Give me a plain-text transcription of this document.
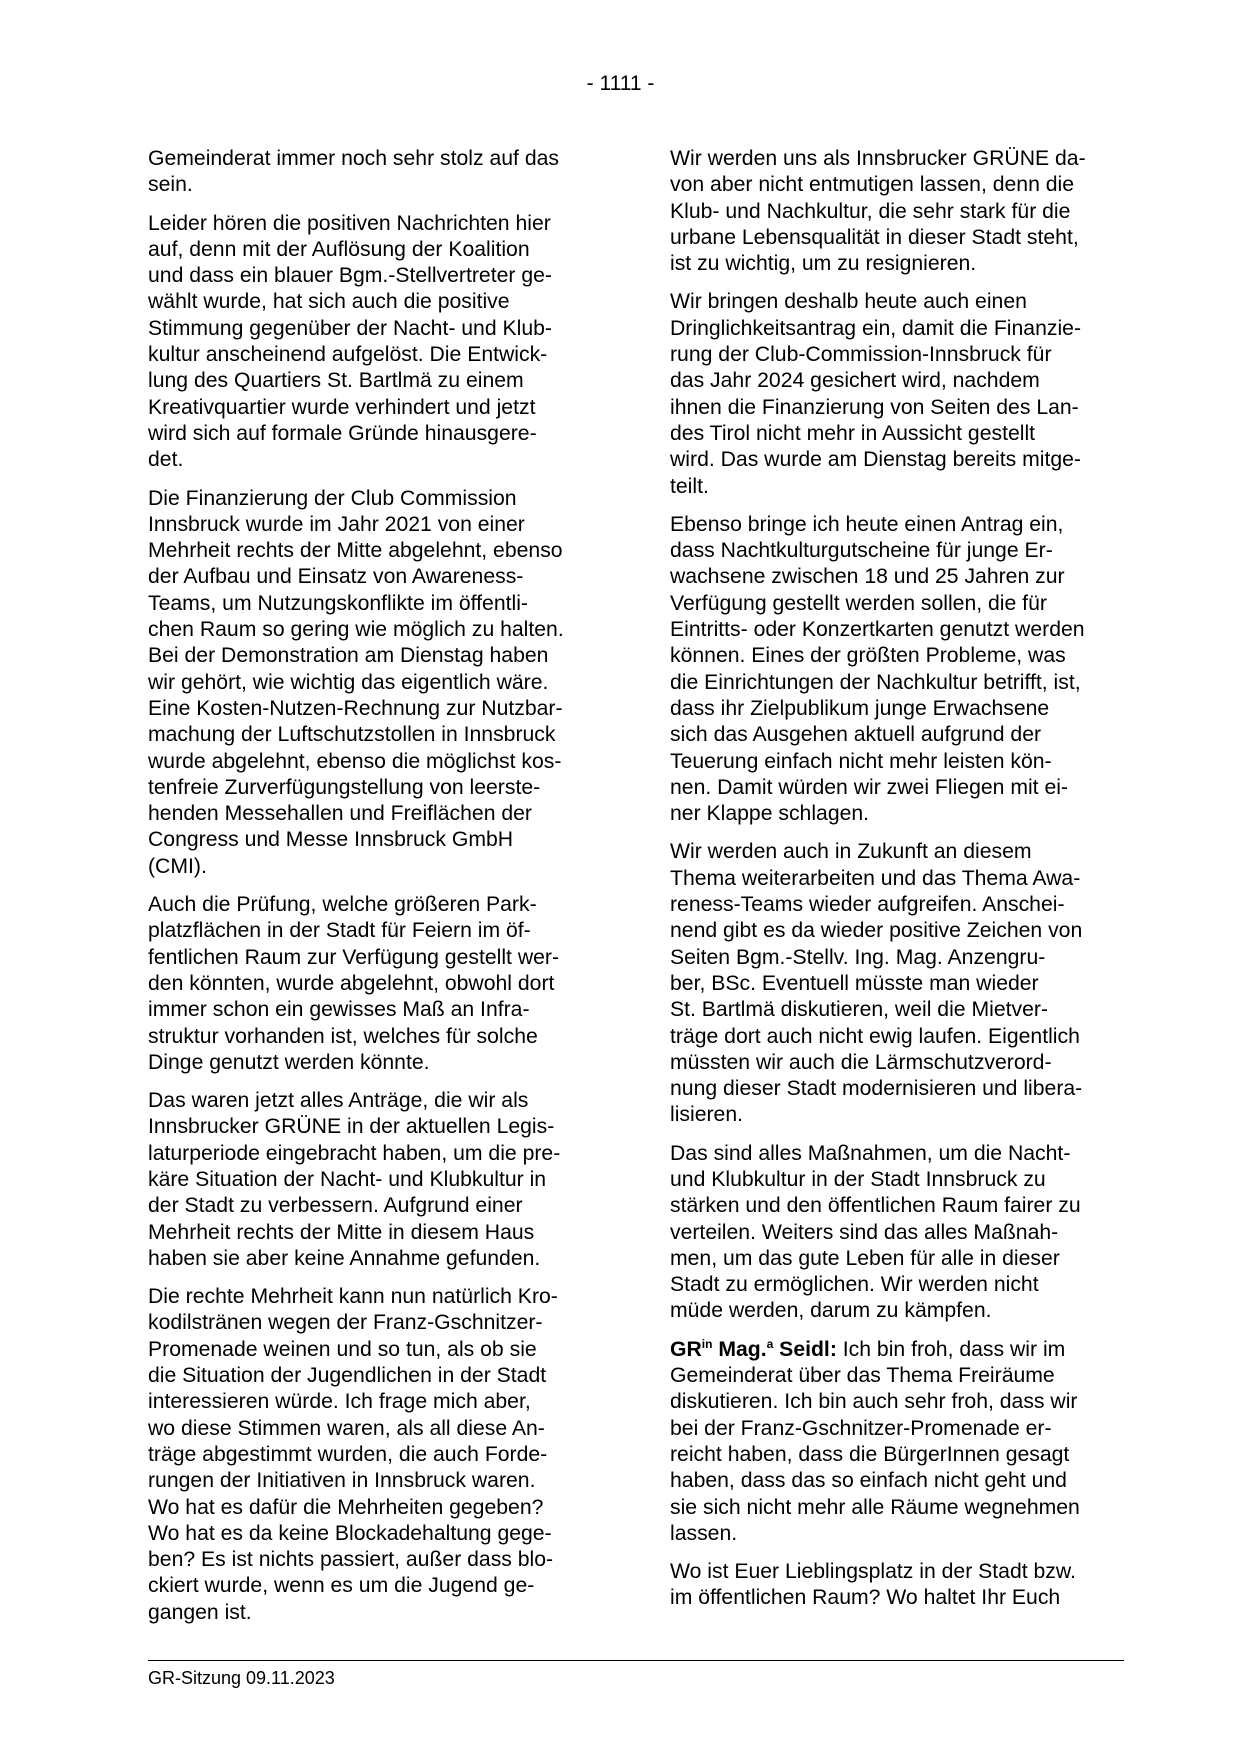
- 1111 -

Gemeinderat immer noch sehr stolz auf das
sein.

Leider hören die positiven Nachrichten hier
auf, denn mit der Auflösung der Koalition
und dass ein blauer Bgm.-Stellvertreter ge-
wählt wurde, hat sich auch die positive
Stimmung gegenüber der Nacht- und Klub-
kultur anscheinend aufgelöst. Die Entwick-
lung des Quartiers St. Bartlmä zu einem
Kreativquartier wurde verhindert und jetzt
wird sich auf formale Gründe hinausgere-
det.

Die Finanzierung der Club Commission
Innsbruck wurde im Jahr 2021 von einer
Mehrheit rechts der Mitte abgelehnt, ebenso
der Aufbau und Einsatz von Awareness-
Teams, um Nutzungskonflikte im öffentli-
chen Raum so gering wie möglich zu halten.
Bei der Demonstration am Dienstag haben
wir gehört, wie wichtig das eigentlich wäre.
Eine Kosten-Nutzen-Rechnung zur Nutzbar-
machung der Luftschutzstollen in Innsbruck
wurde abgelehnt, ebenso die möglichst kos-
tenfreie Zurverfügungstellung von leerste-
henden Messehallen und Freiflächen der
Congress und Messe Innsbruck GmbH
(CMI).

Auch die Prüfung, welche größeren Park-
platzflächen in der Stadt für Feiern im öf-
fentlichen Raum zur Verfügung gestellt wer-
den könnten, wurde abgelehnt, obwohl dort
immer schon ein gewisses Maß an Infra-
struktur vorhanden ist, welches für solche
Dinge genutzt werden könnte.

Das waren jetzt alles Anträge, die wir als
Innsbrucker GRÜNE in der aktuellen Legis-
laturperiode eingebracht haben, um die pre-
käre Situation der Nacht- und Klubkultur in
der Stadt zu verbessern. Aufgrund einer
Mehrheit rechts der Mitte in diesem Haus
haben sie aber keine Annahme gefunden.

Die rechte Mehrheit kann nun natürlich Kro-
kodilstränen wegen der Franz-Gschnitzer-
Promenade weinen und so tun, als ob sie
die Situation der Jugendlichen in der Stadt
interessieren würde. Ich frage mich aber,
wo diese Stimmen waren, als all diese An-
träge abgestimmt wurden, die auch Forde-
rungen der Initiativen in Innsbruck waren.
Wo hat es dafür die Mehrheiten gegeben?
Wo hat es da keine Blockadehaltung gege-
ben? Es ist nichts passiert, außer dass blo-
ckiert wurde, wenn es um die Jugend ge-
gangen ist.

Wir werden uns als Innsbrucker GRÜNE da-
von aber nicht entmutigen lassen, denn die
Klub- und Nachkultur, die sehr stark für die
urbane Lebensqualität in dieser Stadt steht,
ist zu wichtig, um zu resignieren.

Wir bringen deshalb heute auch einen
Dringlichkeitsantrag ein, damit die Finanzie-
rung der Club-Commission-Innsbruck für
das Jahr 2024 gesichert wird, nachdem
ihnen die Finanzierung von Seiten des Lan-
des Tirol nicht mehr in Aussicht gestellt
wird. Das wurde am Dienstag bereits mitge-
teilt.

Ebenso bringe ich heute einen Antrag ein,
dass Nachtkulturgutscheine für junge Er-
wachsene zwischen 18 und 25 Jahren zur
Verfügung gestellt werden sollen, die für
Eintritts- oder Konzertkarten genutzt werden
können. Eines der größten Probleme, was
die Einrichtungen der Nachkultur betrifft, ist,
dass ihr Zielpublikum junge Erwachsene
sich das Ausgehen aktuell aufgrund der
Teuerung einfach nicht mehr leisten kön-
nen. Damit würden wir zwei Fliegen mit ei-
ner Klappe schlagen.

Wir werden auch in Zukunft an diesem
Thema weiterarbeiten und das Thema Awa-
reness-Teams wieder aufgreifen. Anschei-
nend gibt es da wieder positive Zeichen von
Seiten Bgm.-Stellv. Ing. Mag. Anzengru-
ber, BSc. Eventuell müsste man wieder
St. Bartlmä diskutieren, weil die Mietver-
träge dort auch nicht ewig laufen. Eigentlich
müssten wir auch die Lärmschutzverord-
nung dieser Stadt modernisieren und libera-
lisieren.

Das sind alles Maßnahmen, um die Nacht-
und Klubkultur in der Stadt Innsbruck zu
stärken und den öffentlichen Raum fairer zu
verteilen. Weiters sind das alles Maßnah-
men, um das gute Leben für alle in dieser
Stadt zu ermöglichen. Wir werden nicht
müde werden, darum zu kämpfen.

$GR^{in}$ Mag.$^a$ Seidl: Ich bin froh, dass wir im
Gemeinderat über das Thema Freiräume
diskutieren. Ich bin auch sehr froh, dass wir
bei der Franz-Gschnitzer-Promenade er-
reicht haben, dass die BürgerInnen gesagt
haben, dass das so einfach nicht geht und
sie sich nicht mehr alle Räume wegnehmen
lassen.

Wo ist Euer Lieblingsplatz in der Stadt bzw.
im öffentlichen Raum? Wo haltet Ihr Euch

GR-Sitzung 09.11.2023
